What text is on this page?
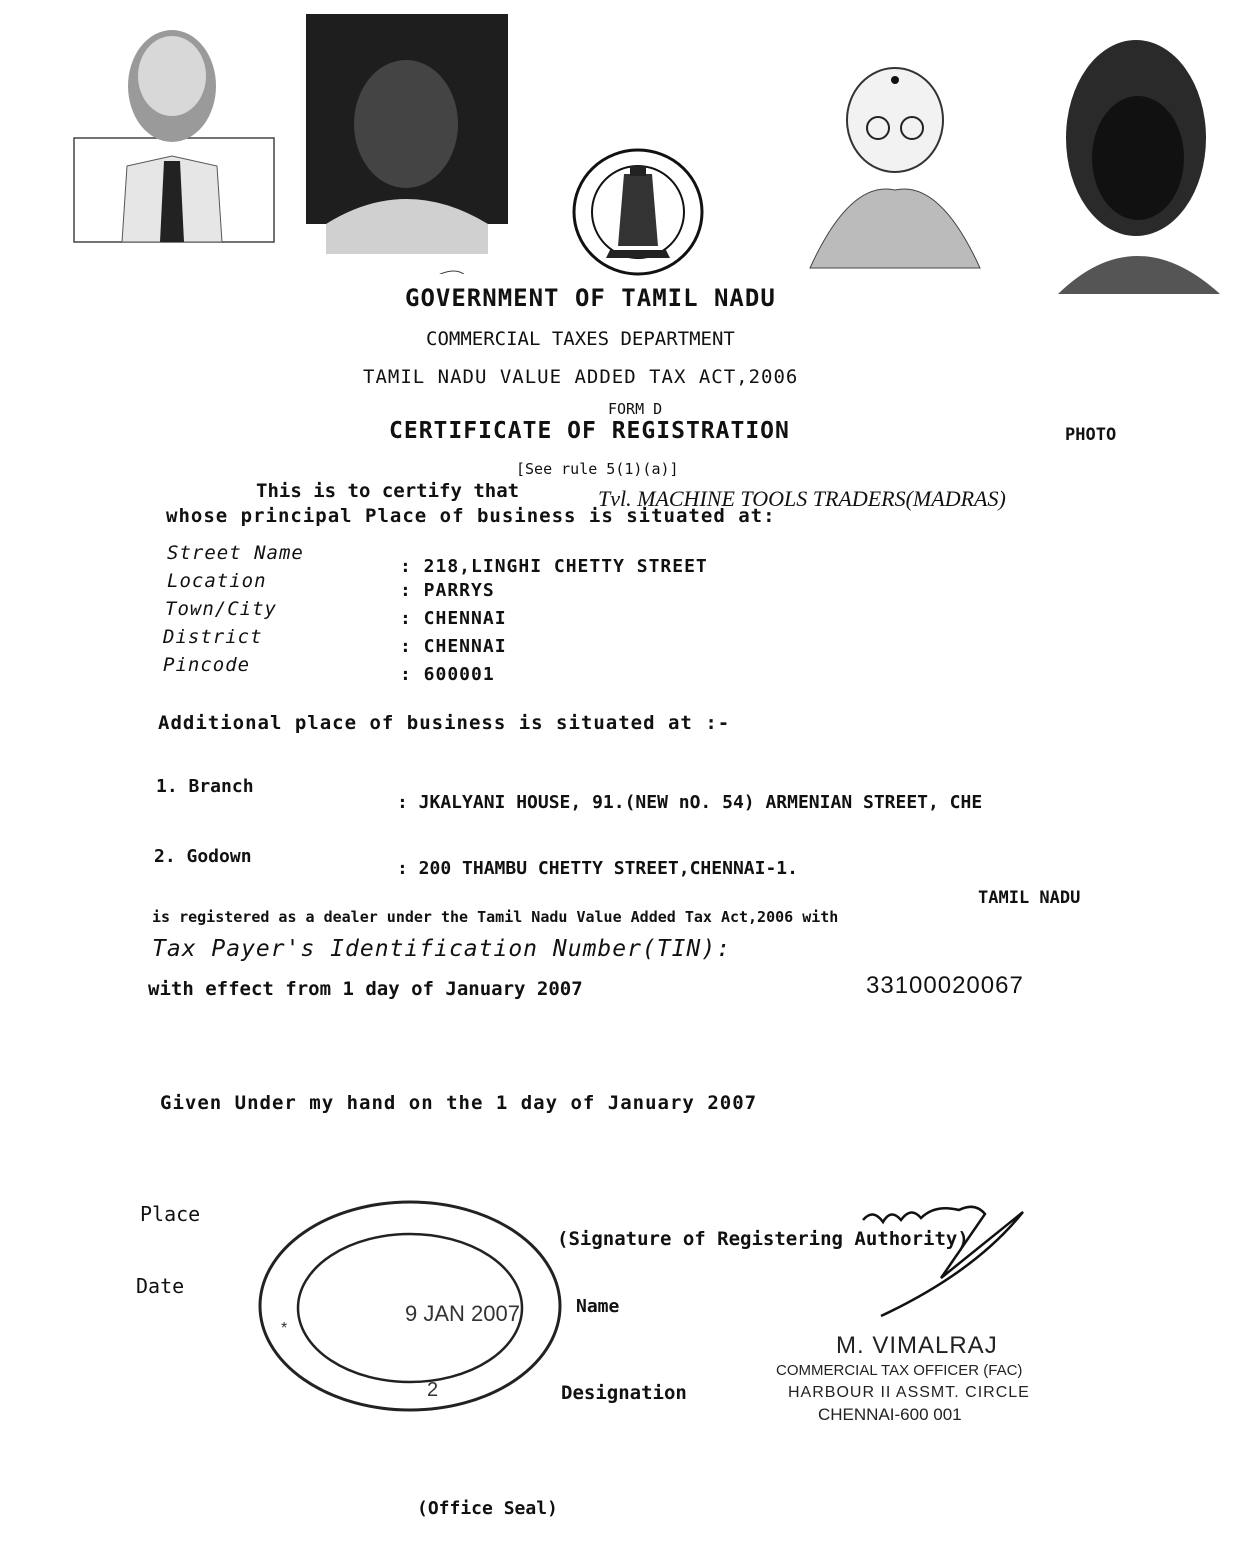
GOVERNMENT OF TAMIL NADU
COMMERCIAL TAXES DEPARTMENT
TAMIL NADU VALUE ADDED TAX ACT,2006
FORM D
CERTIFICATE OF REGISTRATION	PHOTO
[See rule 5(1)(a)]
This is to certify that	Tvl. MACHINE TOOLS TRADERS(MADRAS)
whose principal Place of business is situated at:
Street Name
: 218,LINGHI CHETTY STREET
Location	: PARRYS
Town/City	: CHENNAI
District	: CHENNAI
Pincode	: 600001
Additional place of business is situated at :-
1. Branch
: JKALYANI HOUSE, 91.(NEW nO. 54) ARMENIAN STREET, CHE
2. Godown
: 200 THAMBU CHETTY STREET,CHENNAI-1.
TAMIL NADU
is registered as a dealer under the Tamil Nadu Value Added Tax Act,2006 with
Tax Payer's Identification Number(TIN):
33100020067
with effect from 1 day of January 2007
Given Under my hand on the 1 day of January 2007
Place
Date
(Signature of Registering Authority)
Name
Designation
(Office Seal)
9 JAN 2007
2
*
M. VIMALRAJ
COMMERCIAL TAX OFFICER (FAC)
HARBOUR II ASSMT. CIRCLE
CHENNAI-600 001
